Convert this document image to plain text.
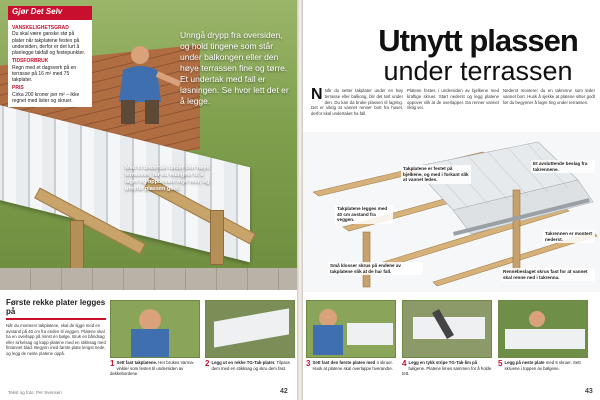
Gjør Det Selv
VANSKELIGHETSGRAD

Du skal være ganske stø på plater når takplatene festes på undersiden, derfor er det lurt å planlegge takfall og festepunkter.

TIDSFORBRUK

Regn med et dagsverk på en terrasse på 16 m² med 75 takplater.

PRIS

Cirka 200 kroner per m² – ikke regnet med lister og skruer.

Unngå drypp fra oversiden, og hold tingene som står under balkongen eller den høye terrassen fine og tørre. Et undertak med fall er løsningen. Se hvor lett det er å legge.
Med et undertak under den høye terrassen, får du mulighet til å lagre og oppbevare mye mer, og utnytte plassen godt.
Første rekke plater legges på

Når du monterer takplatene, skal de ligge med en avstand på 40 cm fra enden til veggen. Platene skal ha en overlapp på minst én bølge. Bruk en båndsag eller sirkelsag og kapp platene med en stikksag med fintannet blad. Begynn med første plate lengst nede, og legg de neste platene oppå.

1 Sett fast takplatene. Her brukes Varma-vinkler som festes til undersiden av dekkebordene.
2 Legg ut en rekke TG-Tak-plater. Tilpass dem med en stikksag og skru dem fast.
Tekst og foto: Per Svensen	42
Utnytt plassen
under terrassen
N Når du setter takplater under en høy terrasse eller balkong, blir det tørt under den. Du kan da bruke plassen til lagring. Det er viktig at vannet renner bort fra huset, derfor skal undertaket ha fall.
Platene festes i undersiden av bjelkene med kraftige skruer. Start nederst og legg platene oppover slik at de overlapper. Da renner vannet riktig vei.
Nederst monterer du en takrenne som leder vannet bort. Husk å sjekke at platene sitter godt før du begynner å lagre ting under terrassen.
Takplatene er festet på bjelkene, og med i forkant slik at vannet ledes.
Et avsluttende beslag fra takrennene.
Takplatene legges med 40 cm avstand fra veggen.
Takrennen er montert nederst.
Små klosser skrus på endene av takplatene slik at de har fall.	Rennebeslaget skrus fast for at vannet skal renne ned i takrenna.
3 Sett fast den første platen med 4 skruer. Husk at platene skal overlappe hverandre.
4 Legg en tykk stripe TG-Tak-lim på bølgene. Platene limes sammen for å holde tett.
5 Legg på neste plate med 5 skruer. Sett skruene i toppen av bølgene.
43
